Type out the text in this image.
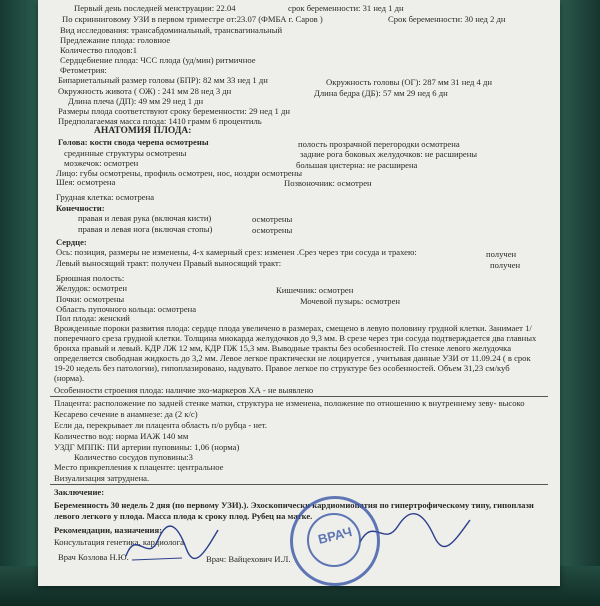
Первый день последней менструации: 22.04	срок беременности: 31 нед 1 дн
По скринниговому УЗИ в первом триместре от:23.07 (ФМБА г. Саров )	Срок беременности: 30 нед 2 дн
Вид исследования: трансабдоминальный, трансвагинальный
Предлежание плода: головное
Количество плодов:1
Сердцебиение плода: ЧСС плода (уд/мин) ритмичное
Фетометрия:
Бипариетальный размер головы (БПР): 82 мм 33 нед 1 дн	Окружность головы (ОГ): 287 мм 31 нед 4 дн
Окружность живота ( ОЖ) : 241 мм 28 нед 3 дн	Длина бедра (ДБ): 57 мм 29 нед 6 дн
Длина плеча (ДП): 49 мм 29 нед 1 дн
Размеры плода соответствуют сроку беременности: 29 нед 1 дн
Предполагаемая масса плода: 1410 грамм 6 процентиль
АНАТОМИЯ ПЛОДА:
Голова: кости свода черепа осмотрены	полость прозрачной перегородки осмотрена
срединные структуры осмотрены	задние рога боковых желудочков: не расширены
мозжечок: осмотрен	большая цистерна: не расширена
Лицо: губы осмотрены, профиль осмотрен, нос, ноздри осмотрены
Шея: осмотрена	Позвоночник: осмотрен
Грудная клетка: осмотрена
Конечности:
правая и левая рука (включая кисти)	осмотрены
правая и левая нога (включая стопы)	осмотрены
Сердце:
Ось: позиция, размеры не изменены, 4-х камерный срез: изменен .Срез через три сосуда и трахею:	получен
Левый выносящий тракт: получен Правый выносящий тракт:	получен
Брюшная полость:
Желудок: осмотрен	Кишечник: осмотрен
Почки: осмотрены	Мочевой пузырь: осмотрен
Область пупочного кольца: осмотрена
Пол плода: женский
Врожденные пороки развития плода: сердце плода увеличено в размерах, смещено в левую половину грудной клетки. Занимает 1/
поперечного среза грудной клетки. Толщина миокарда желудочков до 9,3 мм. В срезе через три сосуда подтверждается два главных
бронха правый и левый. КДР ЛЖ 12 мм, КДР ПЖ 15,3 мм. Выводные тракты без особенностей. По стенке левого желудочка
определяется свободная жидкость до 3,2 мм. Левое легкое практически не лоцируется , учитывая данные УЗИ от 11.09.24 ( в срок
19-20 недель без патологии), гипоплазировано, надувато. Правое легкое по структуре без особенностей. Объем 31,23 см/куб
(норма).
Особенности строения плода: наличие эхо-маркеров ХА - не выявлено
Плацента: расположение по задней стенке матки, структура не изменена, положение по отношению к внутреннему зеву- высоко
Кесарево сечение в анамнезе: да (2 к/с)
Если да, перекрывает ли плацента область п/о рубца - нет.
Количество вод: норма ИАЖ 140 мм
УЗДГ МППК: ПИ артерии пуповины: 1,06 (норма)
Количество сосудов пуповины:3
Место прикрепления к плаценте: центральное
Визуализация затруднена.
Заключение:
Беременность 30 недель 2 дня (по первому УЗИ).). Эхоскопически кардиомиопатия по гипертрофическому типу, гипоплази
левого легкого у плода. Масса плода к сроку плод. Рубец на матке.
Рекомендации, назначения:
Консультация генетика, кардиолога
Врач Козлова Н.Ю.	Врач: Вайцехович И.Л.
ВРАЧ
